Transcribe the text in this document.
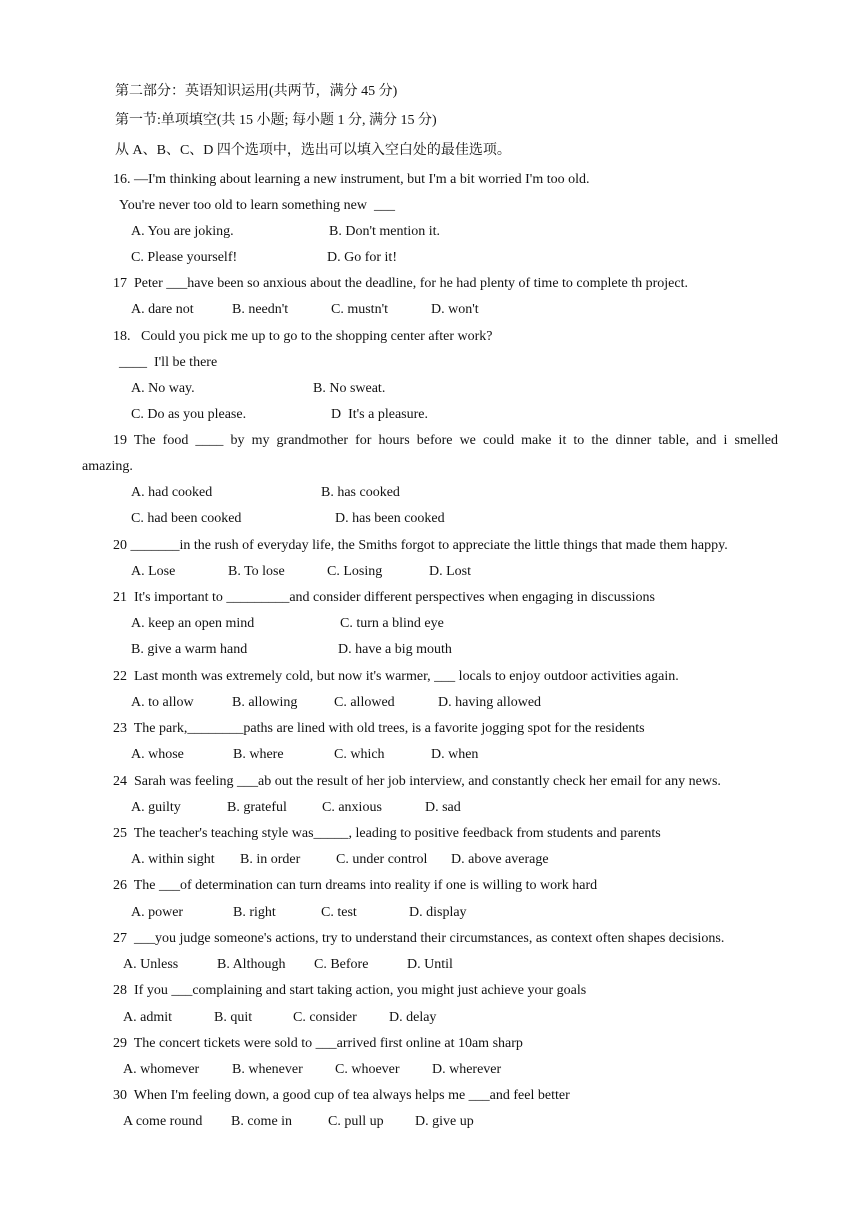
第二部分：英语知识运用(共两节，满分 45 分)
第一节:单项填空(共 15 小题; 每小题 1 分, 满分 15 分)
从 A、B、C、D 四个选项中，选出可以填入空白处的最佳选项。
16. —I'm thinking about learning a new instrument, but I'm a bit worried I'm too old.
You're never too old to learn something new  ___
A. You are joking.	B. Don't mention it.
C. Please yourself!	D. Go for it!
17  Peter ___have been so anxious about the deadline, for he had plenty of time to complete th project.
A. dare not	B. needn't	C. mustn't	D. won't
18.   Could you pick me up to go to the shopping center after work?
____  I'll be there
A. No way.	B. No sweat.
C. Do as you please.	D  It's a pleasure.
19 The food ____ by my grandmother for hours before we could make it to the dinner table, and i smelled
amazing.
A. had cooked	B. has cooked
C. had been cooked	D. has been cooked
20 _______in the rush of everyday life, the Smiths forgot to appreciate the little things that made them happy.
A. Lose	B. To lose	C. Losing	D. Lost
21  It's important to _________and consider different perspectives when engaging in discussions
A. keep an open mind	C. turn a blind eye
B. give a warm hand	D. have a big mouth
22  Last month was extremely cold, but now it's warmer, ___ locals to enjoy outdoor activities again.
A. to allow	B. allowing	C. allowed	D. having allowed
23  The park,________paths are lined with old trees, is a favorite jogging spot for the residents
A. whose	B. where	C. which	D. when
24  Sarah was feeling ___ab out the result of her job interview, and constantly check her email for any news.
A. guilty	B. grateful	C. anxious	D. sad
25  The teacher's teaching style was_____, leading to positive feedback from students and parents
A. within sight B. in order	C. under control D. above average
26  The ___of determination can turn dreams into reality if one is willing to work hard
A. power	B. right	C. test	D. display
27  ___you judge someone's actions, try to understand their circumstances, as context often shapes decisions.
A. Unless	B. Although C. Before	D. Until
28  If you ___complaining and start taking action, you might just achieve your goals
A. admit	B. quit	C. consider D. delay
29  The concert tickets were sold to ___arrived first online at 10am sharp
A. whomever B. whenever C. whoever D. wherever
30  When I'm feeling down, a good cup of tea always helps me ___and feel better
A come round B. come in	C. pull up D. give up
